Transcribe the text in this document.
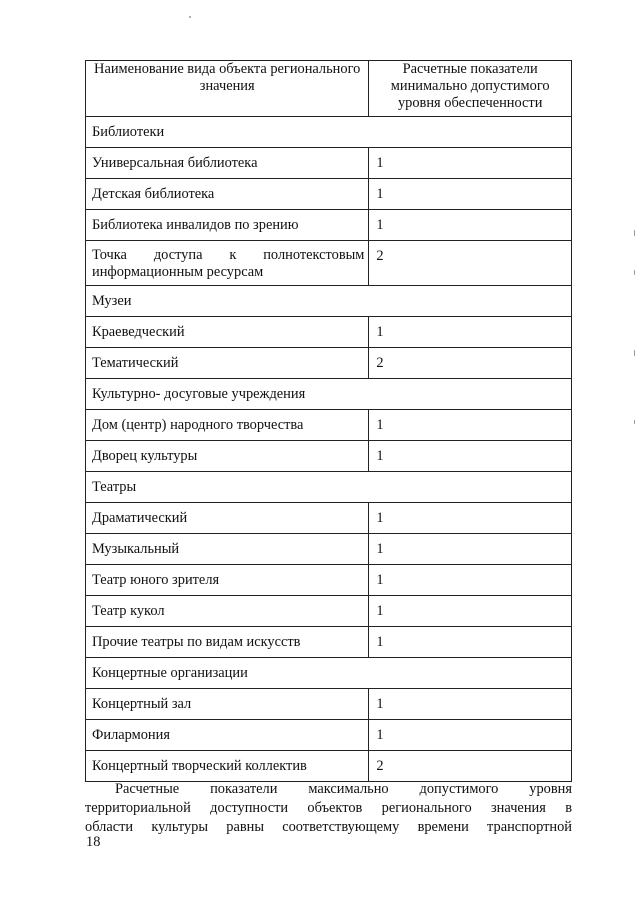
Наименование вида объекта регионального значения	Расчетные показатели минимально допустимого уровня обеспеченности

Библиотеки	

Универсальная библиотека	1

Детская библиотека	1

Библиотека инвалидов по зрению	1

Точка доступа к полнотекстовым информационным ресурсам	2

Музеи	

Краеведческий	1

Тематический	2

Культурно- досуговые учреждения	

Дом (центр) народного творчества	1

Дворец культуры	1

Театры	

Драматический	1

Музыкальный	1

Театр юного зрителя	1

Театр кукол	1

Прочие театры по видам искусств	1

Концертные организации	

Концертный зал	1

Филармония	1

Концертный творческий коллектив	2
Расчетные показатели максимально допустимого уровня
территориальной доступности объектов регионального значения в
области культуры равны соответствующему времени транспортной
18
